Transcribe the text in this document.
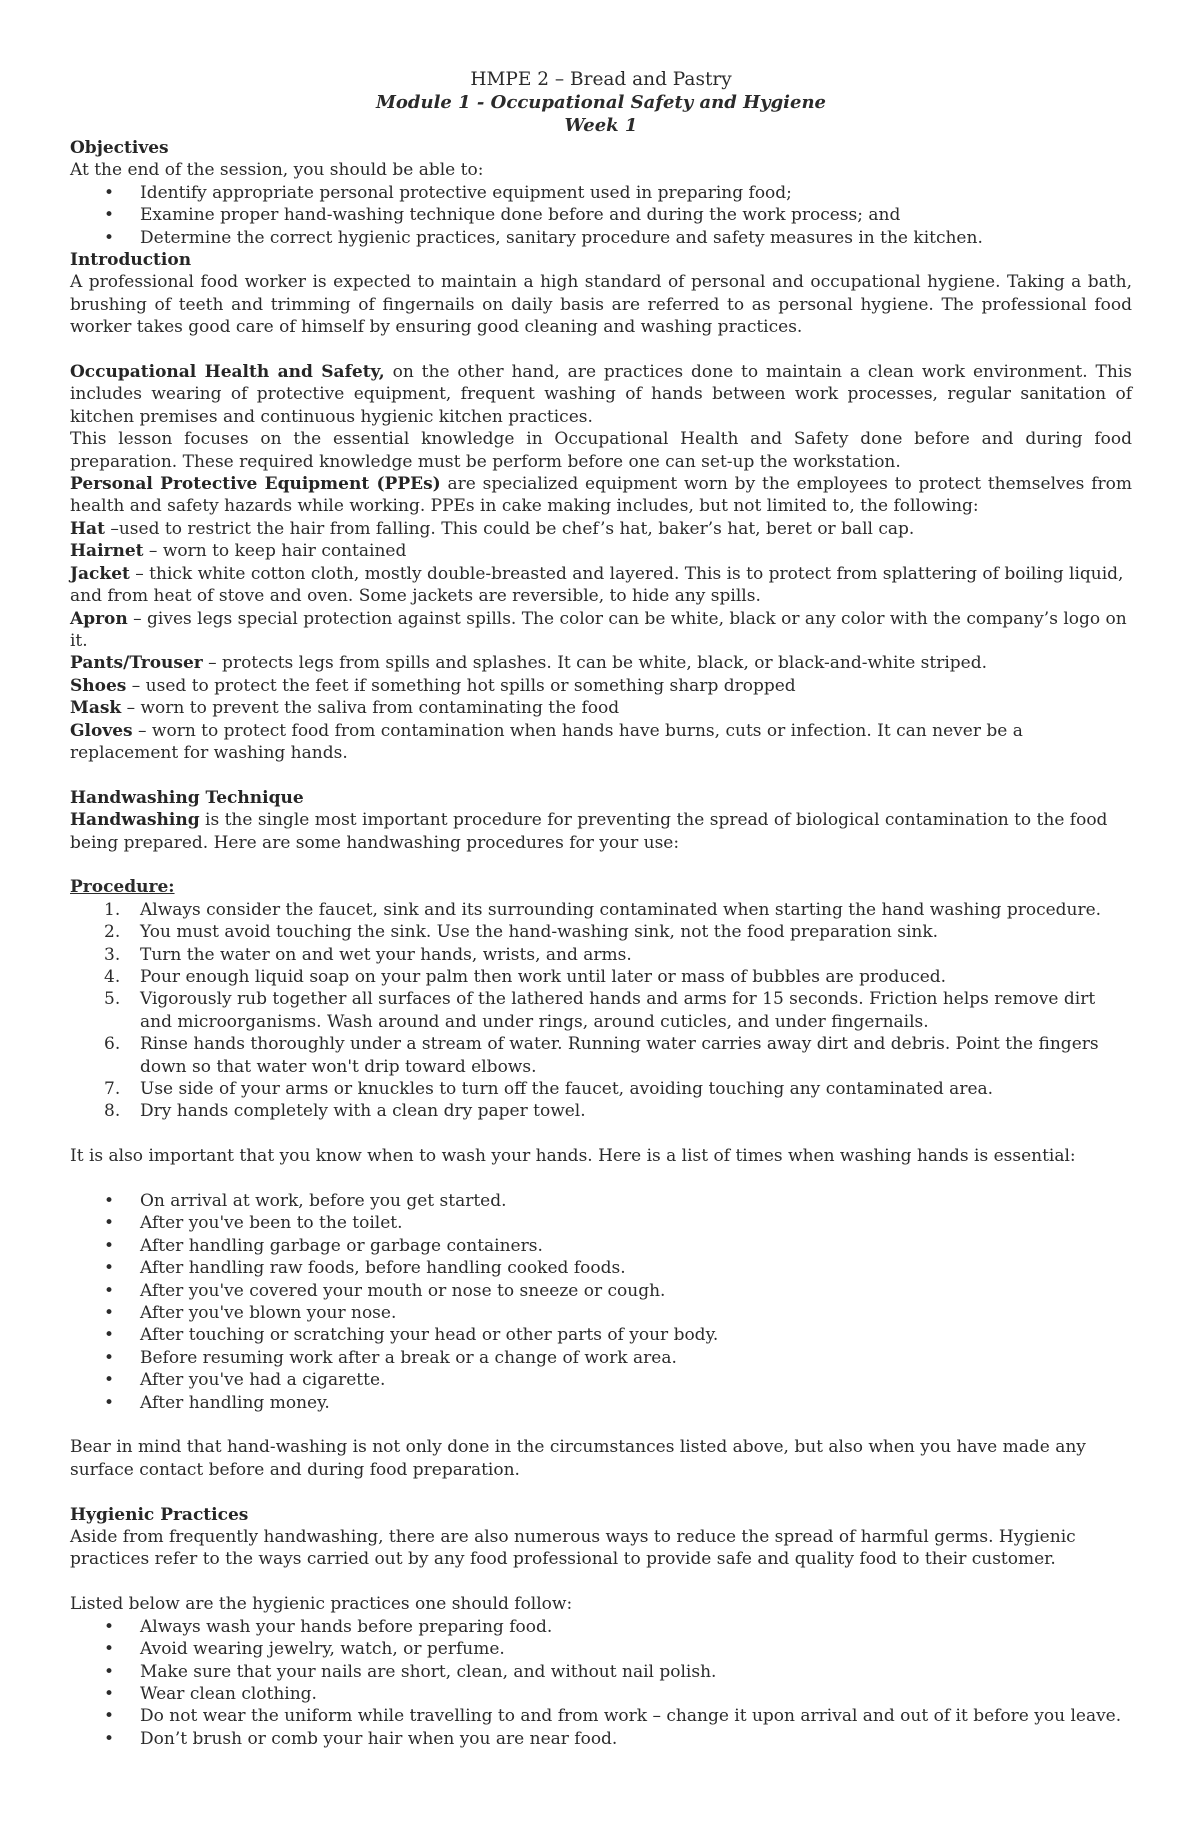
HMPE 2 – Bread and Pastry

Module 1 - Occupational Safety and Hygiene

Week 1

Objectives

At the end of the session, you should be able to:

• Identify appropriate personal protective equipment used in preparing food;
• Examine proper hand-washing technique done before and during the work process; and
• Determine the correct hygienic practices, sanitary procedure and safety measures in the kitchen.

Introduction

A professional food worker is expected to maintain a high standard of personal and occupational hygiene. Taking a bath, brushing of teeth and trimming of fingernails on daily basis are referred to as personal hygiene. The professional food worker takes good care of himself by ensuring good cleaning and washing practices.

Occupational Health and Safety, on the other hand, are practices done to maintain a clean work environment. This includes wearing of protective equipment, frequent washing of hands between work processes, regular sanitation of kitchen premises and continuous hygienic kitchen practices.

This lesson focuses on the essential knowledge in Occupational Health and Safety done before and during food preparation. These required knowledge must be perform before one can set-up the workstation.

Personal Protective Equipment (PPEs) are specialized equipment worn by the employees to protect themselves from health and safety hazards while working. PPEs in cake making includes, but not limited to, the following:

Hat –used to restrict the hair from falling. This could be chef’s hat, baker’s hat, beret or ball cap.

Hairnet – worn to keep hair contained

Jacket – thick white cotton cloth, mostly double-breasted and layered. This is to protect from splattering of boiling liquid, and from heat of stove and oven. Some jackets are reversible, to hide any spills.

Apron – gives legs special protection against spills. The color can be white, black or any color with the company’s logo on it.

Pants/Trouser – protects legs from spills and splashes. It can be white, black, or black-and-white striped.

Shoes – used to protect the feet if something hot spills or something sharp dropped

Mask – worn to prevent the saliva from contaminating the food

Gloves – worn to protect food from contamination when hands have burns, cuts or infection. It can never be a replacement for washing hands.

Handwashing Technique

Handwashing is the single most important procedure for preventing the spread of biological contamination to the food being prepared. Here are some handwashing procedures for your use:

Procedure:

1. Always consider the faucet, sink and its surrounding contaminated when starting the hand washing procedure.
2. You must avoid touching the sink. Use the hand-washing sink, not the food preparation sink.
3. Turn the water on and wet your hands, wrists, and arms.
4. Pour enough liquid soap on your palm then work until later or mass of bubbles are produced.
5. Vigorously rub together all surfaces of the lathered hands and arms for 15 seconds. Friction helps remove dirt and microorganisms. Wash around and under rings, around cuticles, and under fingernails.
6. Rinse hands thoroughly under a stream of water. Running water carries away dirt and debris. Point the fingers down so that water won't drip toward elbows.
7. Use side of your arms or knuckles to turn off the faucet, avoiding touching any contaminated area.
8. Dry hands completely with a clean dry paper towel.

It is also important that you know when to wash your hands. Here is a list of times when washing hands is essential:

• On arrival at work, before you get started.
• After you've been to the toilet.
• After handling garbage or garbage containers.
• After handling raw foods, before handling cooked foods.
• After you've covered your mouth or nose to sneeze or cough.
• After you've blown your nose.
• After touching or scratching your head or other parts of your body.
• Before resuming work after a break or a change of work area.
• After you've had a cigarette.
• After handling money.

Bear in mind that hand-washing is not only done in the circumstances listed above, but also when you have made any surface contact before and during food preparation.

Hygienic Practices

Aside from frequently handwashing, there are also numerous ways to reduce the spread of harmful germs. Hygienic practices refer to the ways carried out by any food professional to provide safe and quality food to their customer.

Listed below are the hygienic practices one should follow:

• Always wash your hands before preparing food.
• Avoid wearing jewelry, watch, or perfume.
• Make sure that your nails are short, clean, and without nail polish.
• Wear clean clothing.
• Do not wear the uniform while travelling to and from work – change it upon arrival and out of it before you leave.
• Don’t brush or comb your hair when you are near food.
